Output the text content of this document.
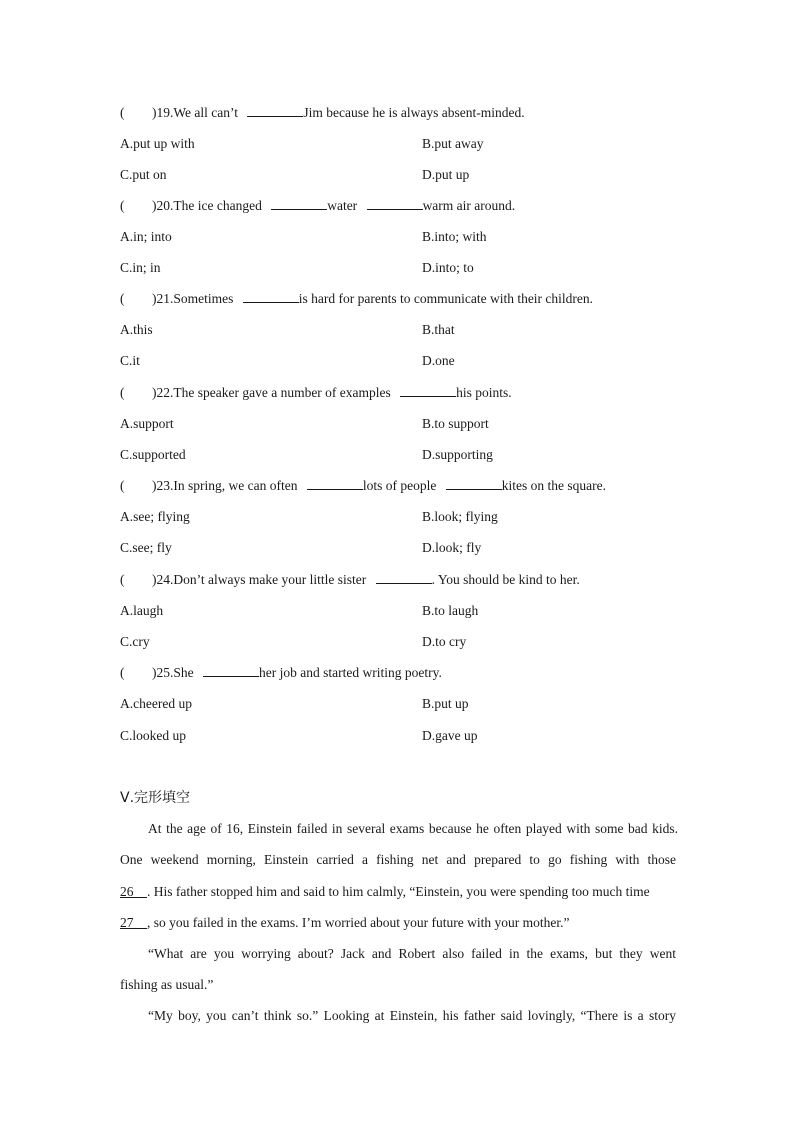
( )19.We all can’t	Jim because he is always absent-minded.
A.put up with	B.put away
C.put on	D.put up
( )20.The ice changed	water	warm air around.
A.in; into	B.into; with
C.in; in	D.into; to
( )21.Sometimes	is hard for parents to communicate with their children.
A.this	B.that
C.it	D.one
( )22.The speaker gave a number of examples	his points.
A.support	B.to support
C.supported	D.supporting
( )23.In spring, we can often	lots of people	kites on the square.
A.see; flying	B.look; flying
C.see; fly	D.look; fly
( )24.Don’t always make your little sister	. You should be kind to her.
A.laugh	B.to laugh
C.cry	D.to cry
( )25.She	her job and started writing poetry.
A.cheered up	B.put up
C.looked up	D.gave up
Ⅴ.完形填空
At the age of 16, Einstein failed in several exams because he often played with some bad kids.
One weekend morning, Einstein carried a fishing net and prepared to go fishing with those
26 . His father stopped him and said to him calmly, “Einstein, you were spending too much time
27 , so you failed in the exams. I’m worried about your future with your mother.”
“What are you worrying about? Jack and Robert also failed in the exams, but they went
fishing as usual.”
“My boy, you can’t think so.” Looking at Einstein, his father said lovingly, “There is a story
